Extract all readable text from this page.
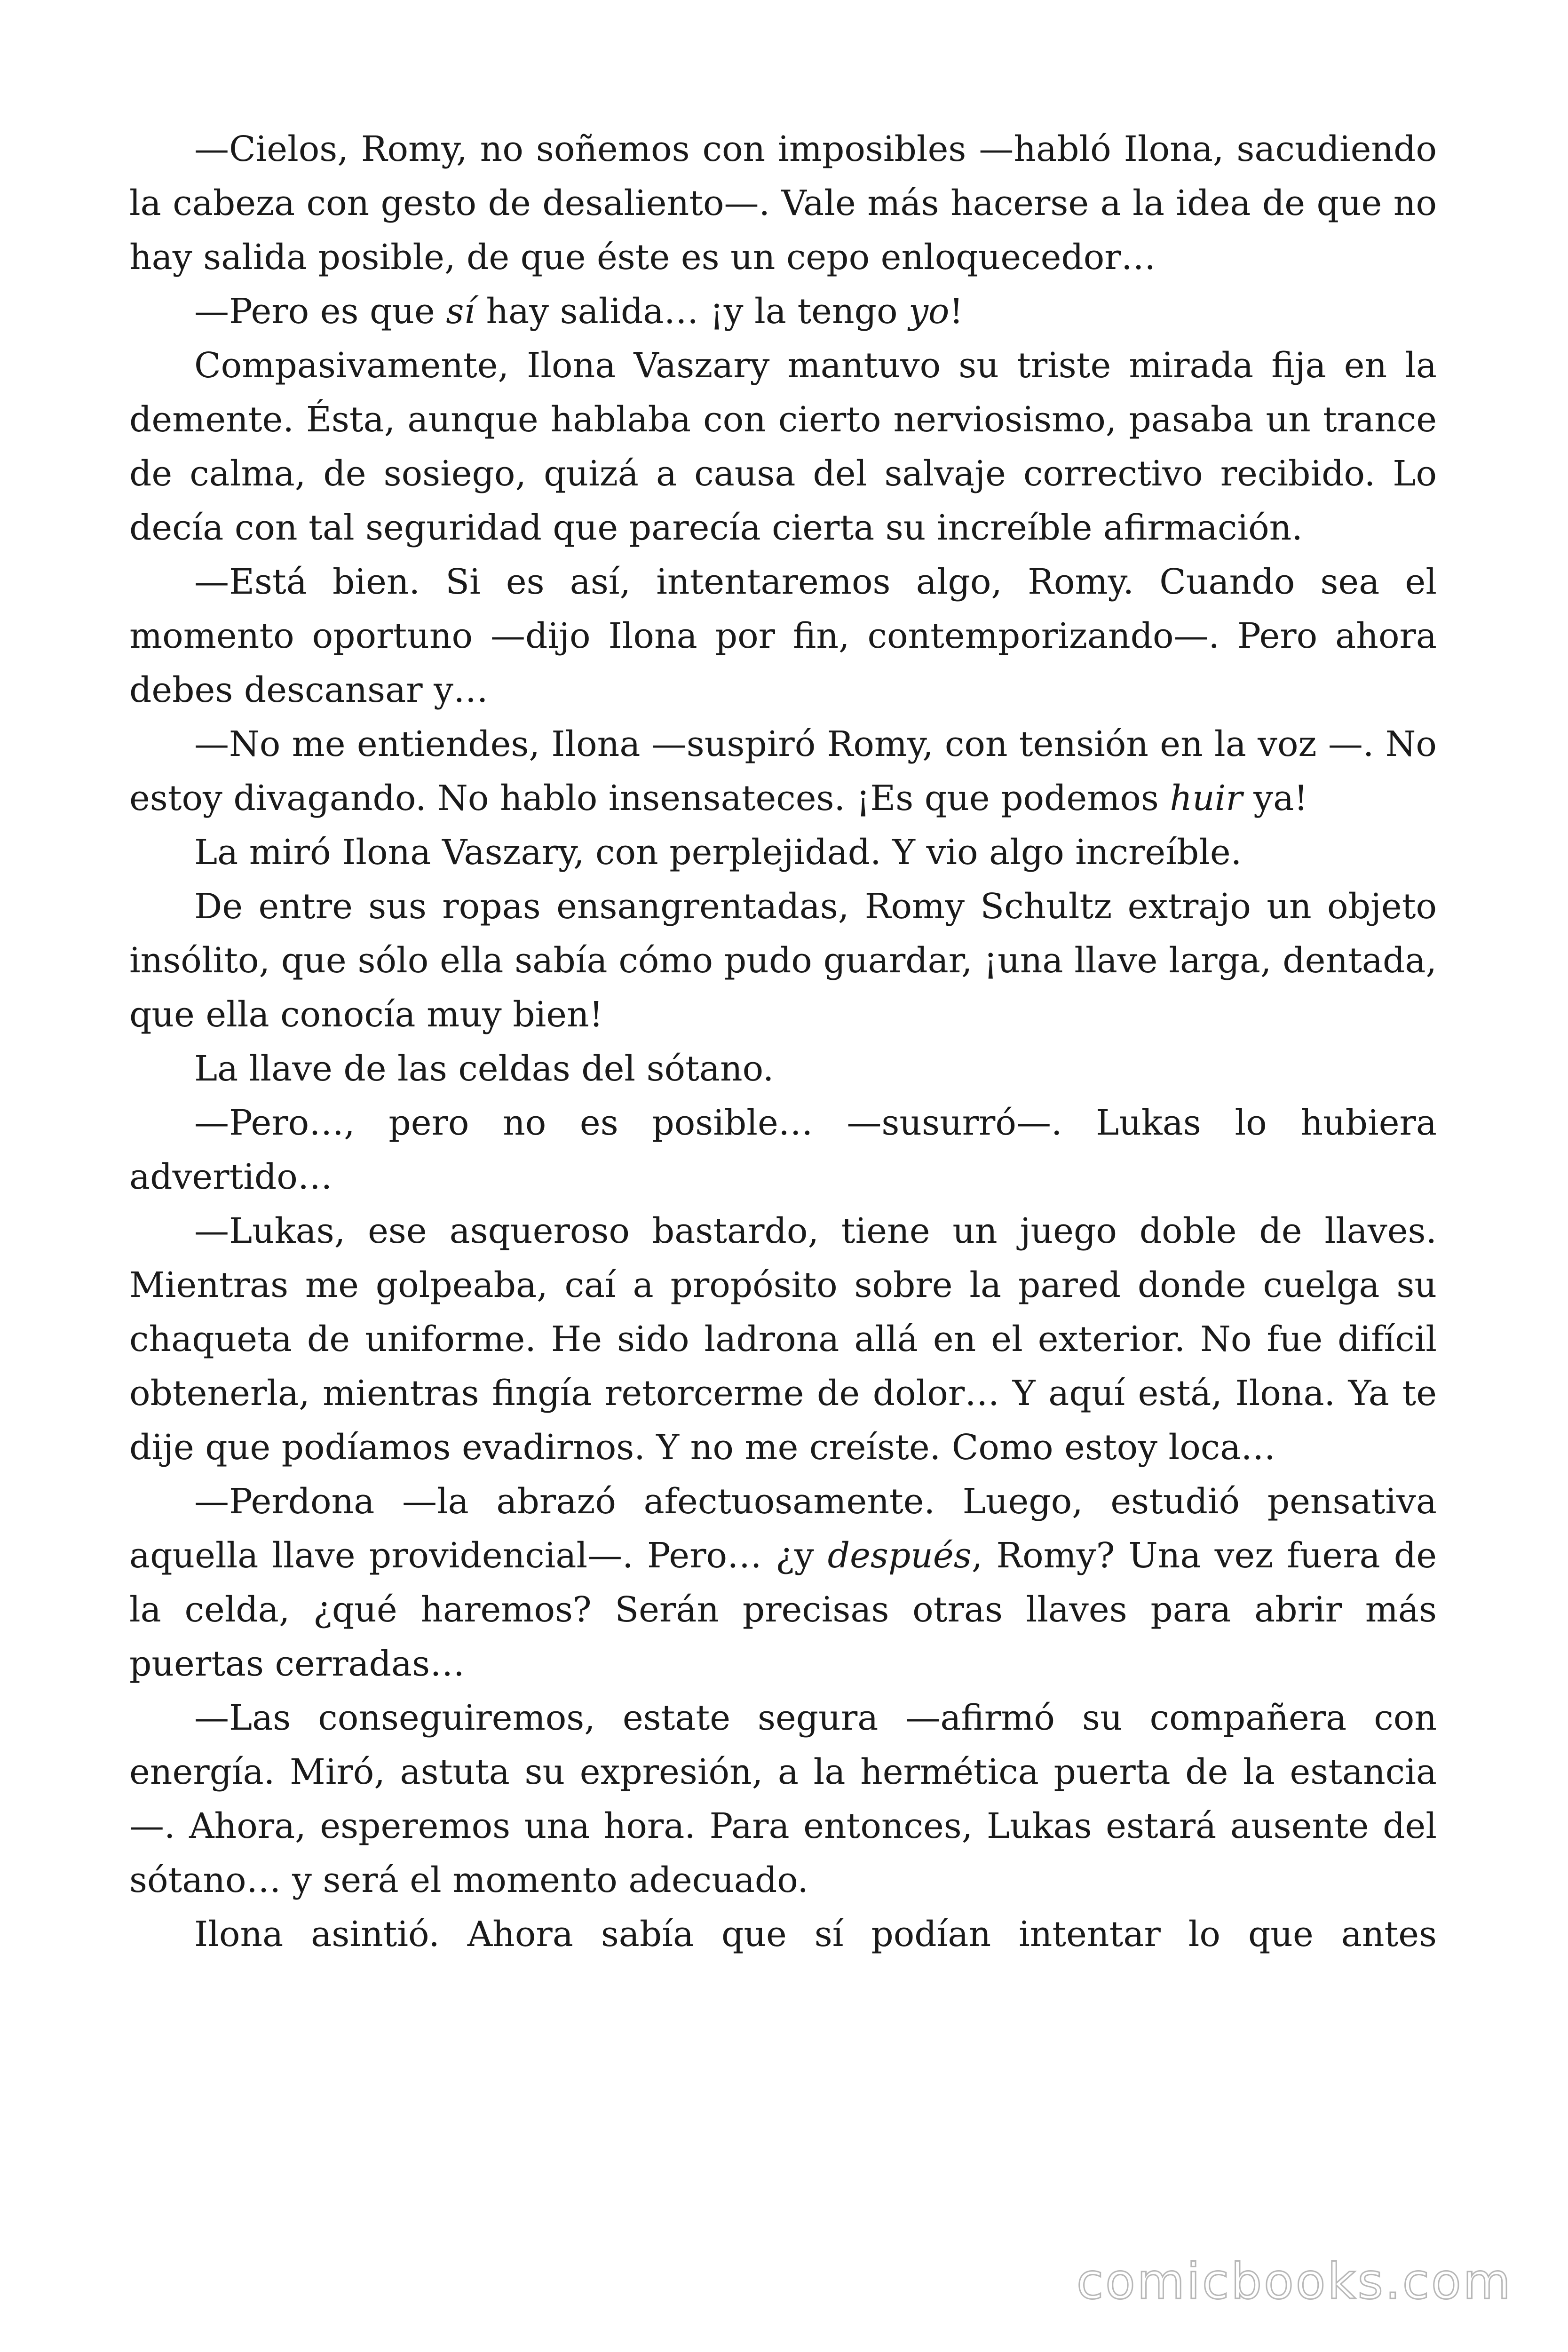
—Cielos, Romy, no soñemos con imposibles —habló Ilona, sacudiendo la cabeza con gesto de desaliento—. Vale más hacerse a la idea de que no hay salida posible, de que éste es un cepo enloquecedor…

—Pero es que sí hay salida… ¡y la tengo yo!

Compasivamente, Ilona Vaszary mantuvo su triste mirada fija en la demente. Ésta, aunque hablaba con cierto nerviosismo, pasaba un trance de calma, de sosiego, quizá a causa del salvaje correctivo recibido. Lo decía con tal seguridad que parecía cierta su increíble afirmación.

—Está bien. Si es así, intentaremos algo, Romy. Cuando sea el momento oportuno —dijo Ilona por fin, contemporizando—. Pero ahora debes descansar y…

—No me entiendes, Ilona —suspiró Romy, con tensión en la voz —. No estoy divagando. No hablo insensateces. ¡Es que podemos huir ya!

La miró Ilona Vaszary, con perplejidad. Y vio algo increíble.

De entre sus ropas ensangrentadas, Romy Schultz extrajo un objeto insólito, que sólo ella sabía cómo pudo guardar, ¡una llave larga, dentada, que ella conocía muy bien!

La llave de las celdas del sótano.

—Pero…, pero no es posible… —susurró—. Lukas lo hubiera advertido…

—Lukas, ese asqueroso bastardo, tiene un juego doble de llaves. Mientras me golpeaba, caí a propósito sobre la pared donde cuelga su chaqueta de uniforme. He sido ladrona allá en el exterior. No fue difícil obtenerla, mientras fingía retorcerme de dolor… Y aquí está, Ilona. Ya te dije que podíamos evadirnos. Y no me creíste. Como estoy loca…

—Perdona —la abrazó afectuosamente. Luego, estudió pensativa aquella llave providencial—. Pero… ¿y después, Romy? Una vez fuera de la celda, ¿qué haremos? Serán precisas otras llaves para abrir más puertas cerradas…

—Las conseguiremos, estate segura —afirmó su compañera con energía. Miró, astuta su expresión, a la hermética puerta de la estancia—. Ahora, esperemos una hora. Para entonces, Lukas estará ausente del sótano… y será el momento adecuado.

Ilona asintió. Ahora sabía que sí podían intentar lo que antes

comicbooks.com
